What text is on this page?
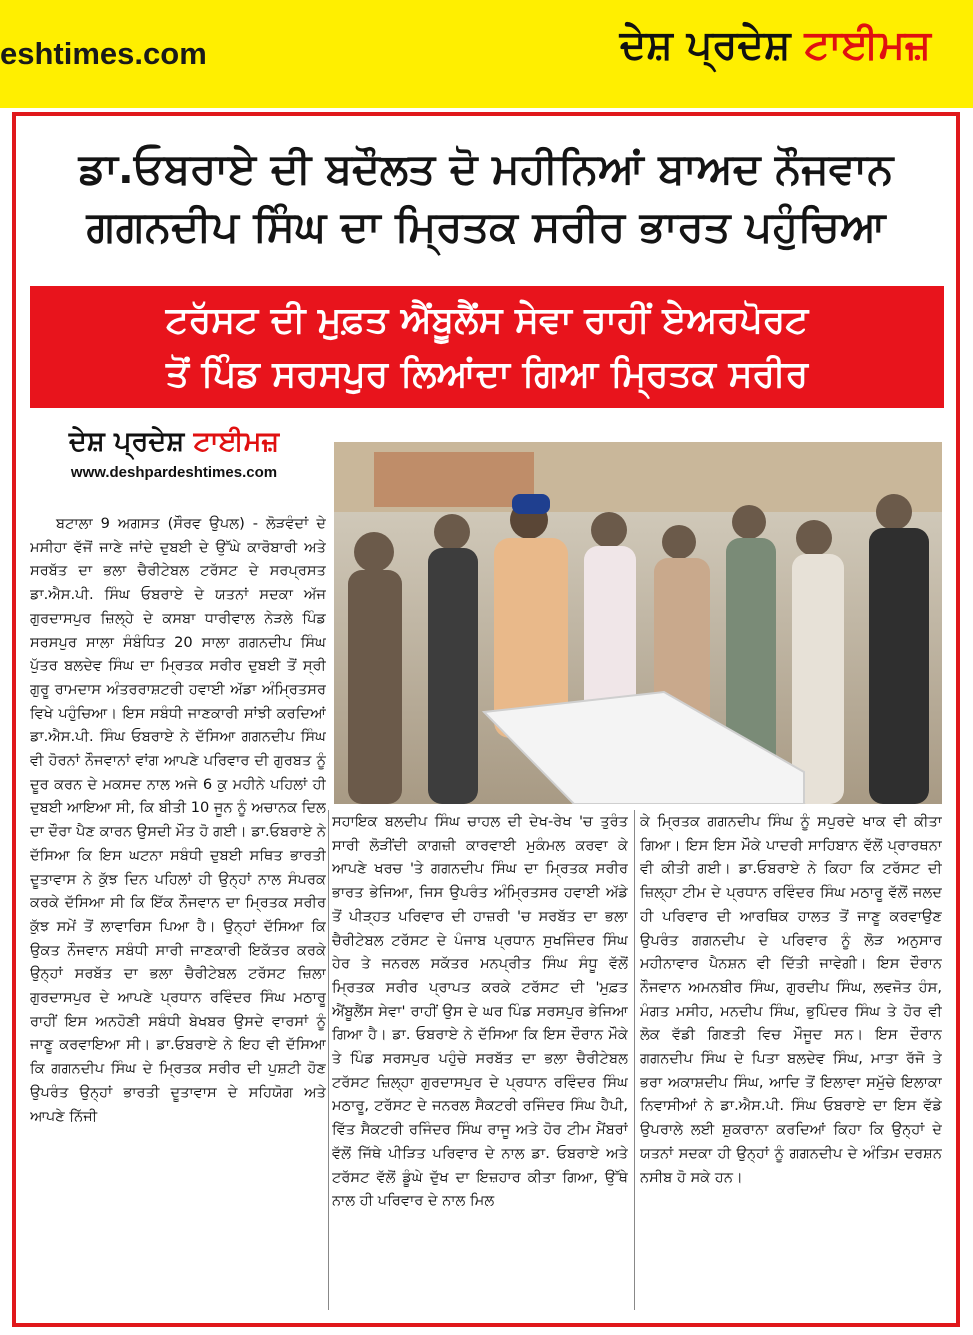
eshtimes.com	ਦੇਸ਼ ਪ੍ਰਦੇਸ਼ ਟਾਈਮਜ਼
ਡਾ.ਓਬਰਾਏ ਦੀ ਬਦੌਲਤ ਦੋ ਮਹੀਨਿਆਂ ਬਾਅਦ ਨੌਜਵਾਨ
ਗਗਨਦੀਪ ਸਿੰਘ ਦਾ ਮ੍ਰਿਤਕ ਸਰੀਰ ਭਾਰਤ ਪਹੁੰਚਿਆ
ਟਰੱਸਟ ਦੀ ਮੁਫ਼ਤ ਐਂਬੂਲੈਂਸ ਸੇਵਾ ਰਾਹੀਂ ਏਅਰਪੋਰਟ
ਤੋਂ ਪਿੰਡ ਸਰਸਪੁਰ ਲਿਆਂਦਾ ਗਿਆ ਮ੍ਰਿਤਕ ਸਰੀਰ
ਦੇਸ਼ ਪ੍ਰਦੇਸ਼ ਟਾਈਮਜ਼
www.deshpardeshtimes.com

ਬਟਾਲਾ 9 ਅਗਸਤ (ਸੌਰਵ ਉਪਲ) - ਲੋੜਵੰਦਾਂ ਦੇ ਮਸੀਹਾ ਵੱਜੋਂ ਜਾਣੇ ਜਾਂਦੇ ਦੁਬਈ ਦੇ ਉੱਘੇ ਕਾਰੋਬਾਰੀ ਅਤੇ ਸਰਬੱਤ ਦਾ ਭਲਾ ਚੈਰੀਟੇਬਲ ਟਰੱਸਟ ਦੇ ਸਰਪ੍ਰਸਤ ਡਾ.ਐਸ.ਪੀ. ਸਿੰਘ ਓਬਰਾਏ ਦੇ ਯਤਨਾਂ ਸਦਕਾ ਅੱਜ ਗੁਰਦਾਸਪੁਰ ਜ਼ਿਲ੍ਹੇ ਦੇ ਕਸਬਾ ਧਾਰੀਵਾਲ ਨੇੜਲੇ ਪਿੰਡ ਸਰਸਪੁਰ ਸਾਲਾ ਸੰਬੰਧਿਤ 20 ਸਾਲਾ ਗਗਨਦੀਪ ਸਿੰਘ ਪੁੱਤਰ ਬਲਦੇਵ ਸਿੰਘ ਦਾ ਮ੍ਰਿਤਕ ਸਰੀਰ ਦੁਬਈ ਤੋਂ ਸ੍ਰੀ ਗੁਰੂ ਰਾਮਦਾਸ ਅੰਤਰਰਾਸ਼ਟਰੀ ਹਵਾਈ ਅੱਡਾ ਅੰਮ੍ਰਿਤਸਰ ਵਿਖੇ ਪਹੁੰਚਿਆ। ਇਸ ਸਬੰਧੀ ਜਾਣਕਾਰੀ ਸਾਂਝੀ ਕਰਦਿਆਂ ਡਾ.ਐਸ.ਪੀ. ਸਿੰਘ ਓਬਰਾਏ ਨੇ ਦੱਸਿਆ ਗਗਨਦੀਪ ਸਿੰਘ ਵੀ ਹੋਰਨਾਂ ਨੌਜਵਾਨਾਂ ਵਾਂਗ ਆਪਣੇ ਪਰਿਵਾਰ ਦੀ ਗੁਰਬਤ ਨੂੰ ਦੂਰ ਕਰਨ ਦੇ ਮਕਸਦ ਨਾਲ ਅਜੇ 6 ਕੁ ਮਹੀਨੇ ਪਹਿਲਾਂ ਹੀ ਦੁਬਈ ਆਇਆ ਸੀ, ਕਿ ਬੀਤੀ 10 ਜੂਨ ਨੂੰ ਅਚਾਨਕ ਦਿਲ ਦਾ ਦੌਰਾ ਪੈਣ ਕਾਰਨ ਉਸਦੀ ਮੌਤ ਹੋ ਗਈ। ਡਾ.ਓਬਰਾਏ ਨੇ ਦੱਸਿਆ ਕਿ ਇਸ ਘਟਨਾ ਸਬੰਧੀ ਦੁਬਈ ਸਥਿਤ ਭਾਰਤੀ ਦੂਤਾਵਾਸ ਨੇ ਕੁੱਝ ਦਿਨ ਪਹਿਲਾਂ ਹੀ ਉਨ੍ਹਾਂ ਨਾਲ ਸੰਪਰਕ ਕਰਕੇ ਦੱਸਿਆ ਸੀ ਕਿ ਇੱਕ ਨੌਜਵਾਨ ਦਾ ਮ੍ਰਿਤਕ ਸਰੀਰ ਕੁੱਝ ਸਮੇਂ ਤੋਂ ਲਾਵਾਰਿਸ ਪਿਆ ਹੈ। ਉਨ੍ਹਾਂ ਦੱਸਿਆ ਕਿ ਉਕਤ ਨੌਜਵਾਨ ਸਬੰਧੀ ਸਾਰੀ ਜਾਣਕਾਰੀ ਇਕੱਤਰ ਕਰਕੇ ਉਨ੍ਹਾਂ ਸਰਬੱਤ ਦਾ ਭਲਾ ਚੈਰੀਟੇਬਲ ਟਰੱਸਟ ਜ਼ਿਲਾ ਗੁਰਦਾਸਪੁਰ ਦੇ ਆਪਣੇ ਪ੍ਰਧਾਨ ਰਵਿੰਦਰ ਸਿੰਘ ਮਠਾਰੂ ਰਾਹੀਂ ਇਸ ਅਨਹੋਣੀ ਸਬੰਧੀ ਬੇਖਬਰ ਉਸਦੇ ਵਾਰਸਾਂ ਨੂੰ ਜਾਣੂ ਕਰਵਾਇਆ ਸੀ। ਡਾ.ਓਬਰਾਏ ਨੇ ਇਹ ਵੀ ਦੱਸਿਆ ਕਿ ਗਗਨਦੀਪ ਸਿੰਘ ਦੇ ਮ੍ਰਿਤਕ ਸਰੀਰ ਦੀ ਪੁਸ਼ਟੀ ਹੋਣ ਉਪਰੰਤ ਉਨ੍ਹਾਂ ਭਾਰਤੀ ਦੂਤਾਵਾਸ ਦੇ ਸਹਿਯੋਗ ਅਤੇ ਆਪਣੇ ਨਿੱਜੀ

ਸਹਾਇਕ ਬਲਦੀਪ ਸਿੰਘ ਚਾਹਲ ਦੀ ਦੇਖ-ਰੇਖ 'ਚ ਤੁਰੰਤ ਸਾਰੀ ਲੋੜੀਂਦੀ ਕਾਗਜ਼ੀ ਕਾਰਵਾਈ ਮੁਕੰਮਲ ਕਰਵਾ ਕੇ ਆਪਣੇ ਖਰਚ 'ਤੇ ਗਗਨਦੀਪ ਸਿੰਘ ਦਾ ਮ੍ਰਿਤਕ ਸਰੀਰ ਭਾਰਤ ਭੇਜਿਆ, ਜਿਸ ਉਪਰੰਤ ਅੰਮ੍ਰਿਤਸਰ ਹਵਾਈ ਅੱਡੇ ਤੋਂ ਪੀੜ੍ਹਤ ਪਰਿਵਾਰ ਦੀ ਹਾਜ਼ਰੀ 'ਚ ਸਰਬੱਤ ਦਾ ਭਲਾ ਚੈਰੀਟੇਬਲ ਟਰੱਸਟ ਦੇ ਪੰਜਾਬ ਪ੍ਰਧਾਨ ਸੁਖਜਿੰਦਰ ਸਿੰਘ ਹੇਰ ਤੇ ਜਨਰਲ ਸਕੱਤਰ ਮਨਪ੍ਰੀਤ ਸਿੰਘ ਸੰਧੂ ਵੱਲੋਂ ਮ੍ਰਿਤਕ ਸਰੀਰ ਪ੍ਰਾਪਤ ਕਰਕੇ ਟਰੱਸਟ ਦੀ 'ਮੁਫ਼ਤ ਐਂਬੂਲੈਂਸ ਸੇਵਾ' ਰਾਹੀਂ ਉਸ ਦੇ ਘਰ ਪਿੰਡ ਸਰਸਪੁਰ ਭੇਜਿਆ ਗਿਆ ਹੈ। ਡਾ. ਓਬਰਾਏ ਨੇ ਦੱਸਿਆ ਕਿ ਇਸ ਦੌਰਾਨ ਮੌਕੇ ਤੇ ਪਿੰਡ ਸਰਸਪੁਰ ਪਹੁੰਚੇ ਸਰਬੱਤ ਦਾ ਭਲਾ ਚੈਰੀਟੇਬਲ ਟਰੱਸਟ ਜ਼ਿਲ੍ਹਾ ਗੁਰਦਾਸਪੁਰ ਦੇ ਪ੍ਰਧਾਨ ਰਵਿੰਦਰ ਸਿੰਘ ਮਠਾਰੂ, ਟਰੱਸਟ ਦੇ ਜਨਰਲ ਸੈਕਟਰੀ ਰਜਿੰਦਰ ਸਿੰਘ ਹੈਪੀ, ਵਿੱਤ ਸੈਕਟਰੀ ਰਜਿੰਦਰ ਸਿੰਘ ਰਾਜੂ ਅਤੇ ਹੋਰ ਟੀਮ ਮੈਂਬਰਾਂ ਵੱਲੋਂ ਜਿੱਥੇ ਪੀੜਿਤ ਪਰਿਵਾਰ ਦੇ ਨਾਲ ਡਾ. ਓਬਰਾਏ ਅਤੇ ਟਰੱਸਟ ਵੱਲੋਂ ਡੂੰਘੇ ਦੁੱਖ ਦਾ ਇਜ਼ਹਾਰ ਕੀਤਾ ਗਿਆ, ਉੱਥੇ ਨਾਲ ਹੀ ਪਰਿਵਾਰ ਦੇ ਨਾਲ ਮਿਲ

ਕੇ ਮ੍ਰਿਤਕ ਗਗਨਦੀਪ ਸਿੰਘ ਨੂੰ ਸਪੁਰਦੇ ਖਾਕ ਵੀ ਕੀਤਾ ਗਿਆ। ਇਸ ਇਸ ਮੌਕੇ ਪਾਦਰੀ ਸਾਹਿਬਾਨ ਵੱਲੋਂ ਪ੍ਰਾਰਥਨਾ ਵੀ ਕੀਤੀ ਗਈ। ਡਾ.ਓਬਰਾਏ ਨੇ ਕਿਹਾ ਕਿ ਟਰੱਸਟ ਦੀ ਜ਼ਿਲ੍ਹਾ ਟੀਮ ਦੇ ਪ੍ਰਧਾਨ ਰਵਿੰਦਰ ਸਿੰਘ ਮਠਾਰੂ ਵੱਲੋਂ ਜਲਦ ਹੀ ਪਰਿਵਾਰ ਦੀ ਆਰਥਿਕ ਹਾਲਤ ਤੋਂ ਜਾਣੂ ਕਰਵਾਉਣ ਉਪਰੰਤ ਗਗਨਦੀਪ ਦੇ ਪਰਿਵਾਰ ਨੂੰ ਲੋੜ ਅਨੁਸਾਰ ਮਹੀਨਾਵਾਰ ਪੈਨਸ਼ਨ ਵੀ ਦਿੱਤੀ ਜਾਵੇਗੀ। ਇਸ ਦੌਰਾਨ ਨੌਜਵਾਨ ਅਮਨਬੀਰ ਸਿੰਘ, ਗੁਰਦੀਪ ਸਿੰਘ, ਲਵਜੋਤ ਹੰਸ, ਮੰਗਤ ਮਸੀਹ, ਮਨਦੀਪ ਸਿੰਘ, ਭੁਪਿੰਦਰ ਸਿੰਘ ਤੇ ਹੋਰ ਵੀ ਲੋਕ ਵੱਡੀ ਗਿਣਤੀ ਵਿਚ ਮੌਜੂਦ ਸਨ। ਇਸ ਦੌਰਾਨ ਗਗਨਦੀਪ ਸਿੰਘ ਦੇ ਪਿਤਾ ਬਲਦੇਵ ਸਿੰਘ, ਮਾਤਾ ਰੱਜੋ ਤੇ ਭਰਾ ਅਕਾਸ਼ਦੀਪ ਸਿੰਘ, ਆਦਿ ਤੋਂ ਇਲਾਵਾ ਸਮੁੱਚੇ ਇਲਾਕਾ ਨਿਵਾਸੀਆਂ ਨੇ ਡਾ.ਐਸ.ਪੀ. ਸਿੰਘ ਓਬਰਾਏ ਦਾ ਇਸ ਵੱਡੇ ਉਪਰਾਲੇ ਲਈ ਸ਼ੁਕਰਾਨਾ ਕਰਦਿਆਂ ਕਿਹਾ ਕਿ ਉਨ੍ਹਾਂ ਦੇ ਯਤਨਾਂ ਸਦਕਾ ਹੀ ਉਨ੍ਹਾਂ ਨੂੰ ਗਗਨਦੀਪ ਦੇ ਅੰਤਿਮ ਦਰਸ਼ਨ ਨਸੀਬ ਹੋ ਸਕੇ ਹਨ।
